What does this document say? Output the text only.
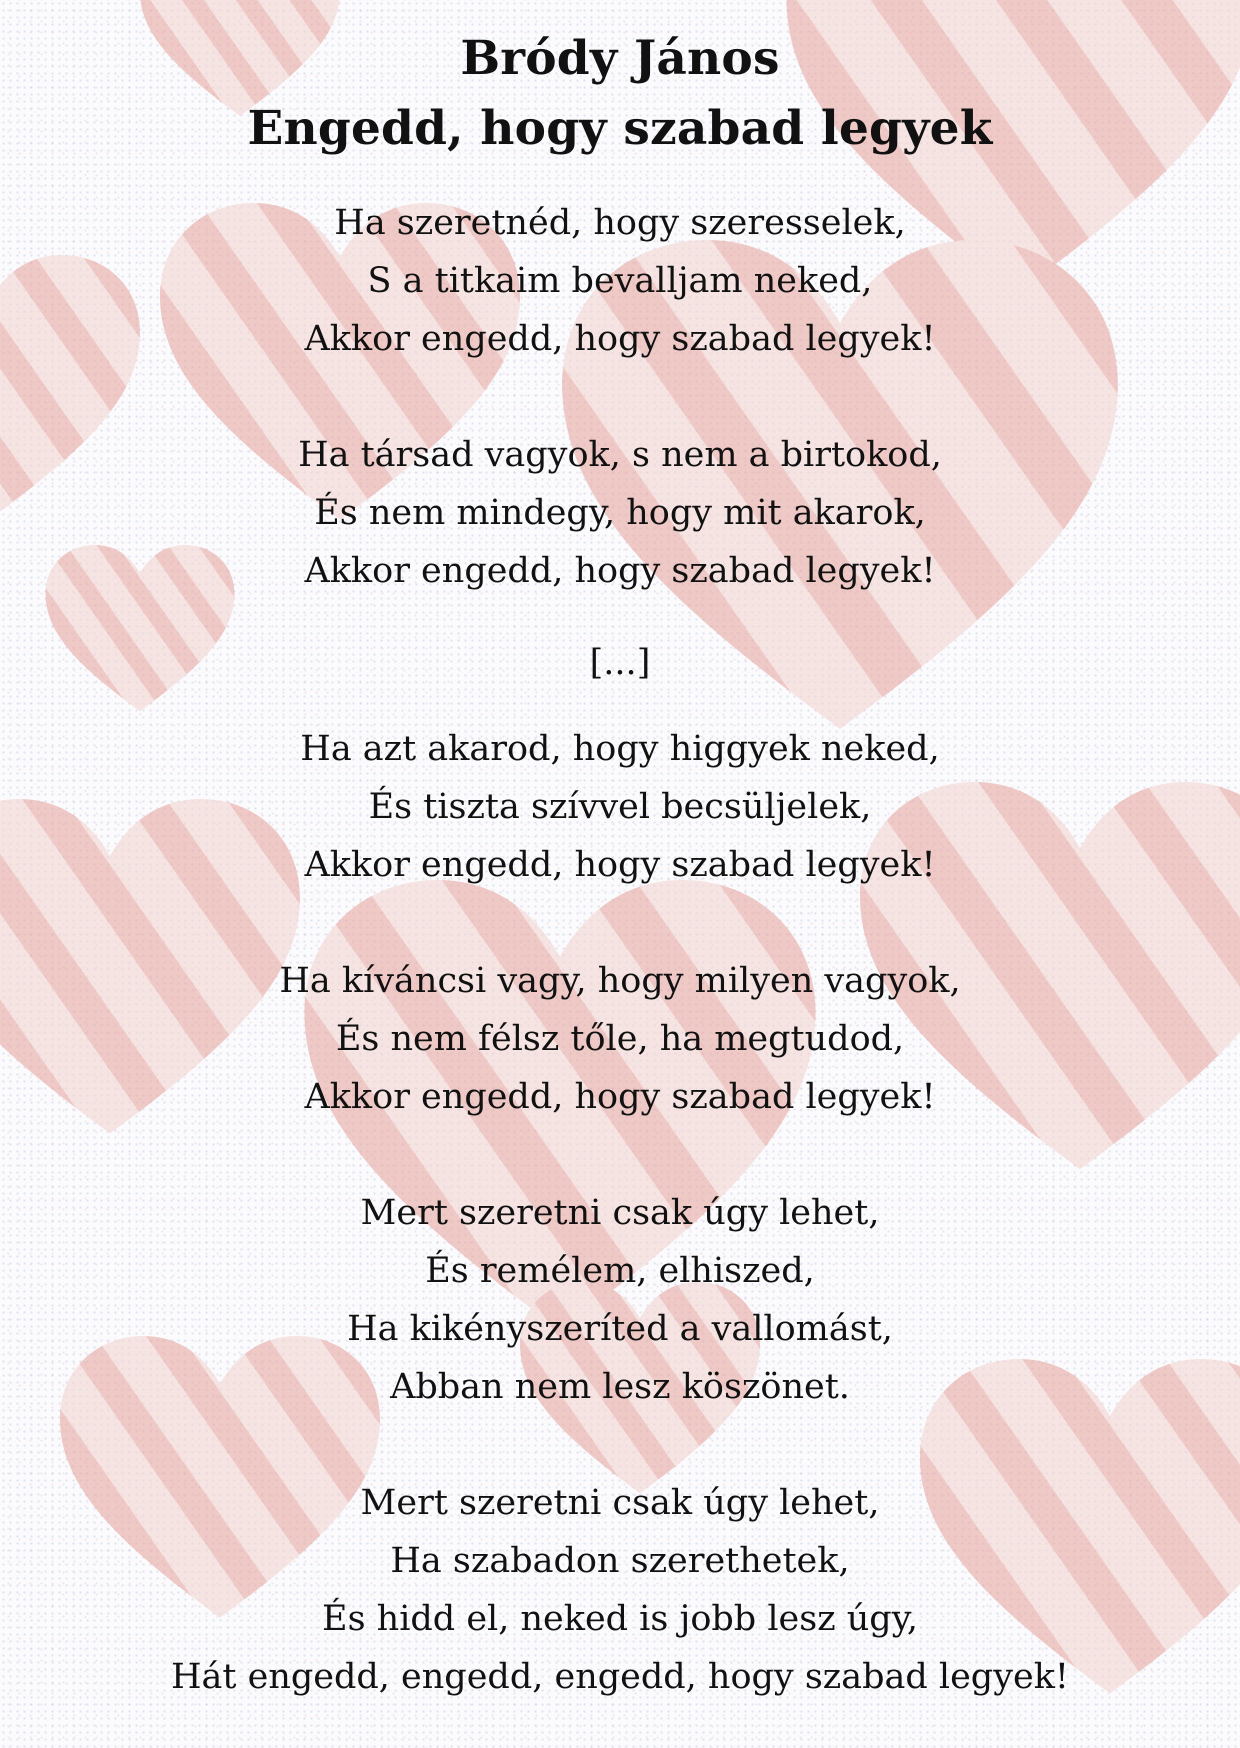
Bródy János
Engedd, hogy szabad legyek
Ha szeretnéd, hogy szeresselek,
S a titkaim bevalljam neked,
Akkor engedd, hogy szabad legyek!
Ha társad vagyok, s nem a birtokod,
És nem mindegy, hogy mit akarok,
Akkor engedd, hogy szabad legyek!
[...]
Ha azt akarod, hogy higgyek neked,
És tiszta szívvel becsüljelek,
Akkor engedd, hogy szabad legyek!
Ha kíváncsi vagy, hogy milyen vagyok,
És nem félsz tőle, ha megtudod,
Akkor engedd, hogy szabad legyek!
Mert szeretni csak úgy lehet,
És remélem, elhiszed,
Ha kikényszeríted a vallomást,
Abban nem lesz köszönet.
Mert szeretni csak úgy lehet,
Ha szabadon szerethetek,
És hidd el, neked is jobb lesz úgy,
Hát engedd, engedd, engedd, hogy szabad legyek!
